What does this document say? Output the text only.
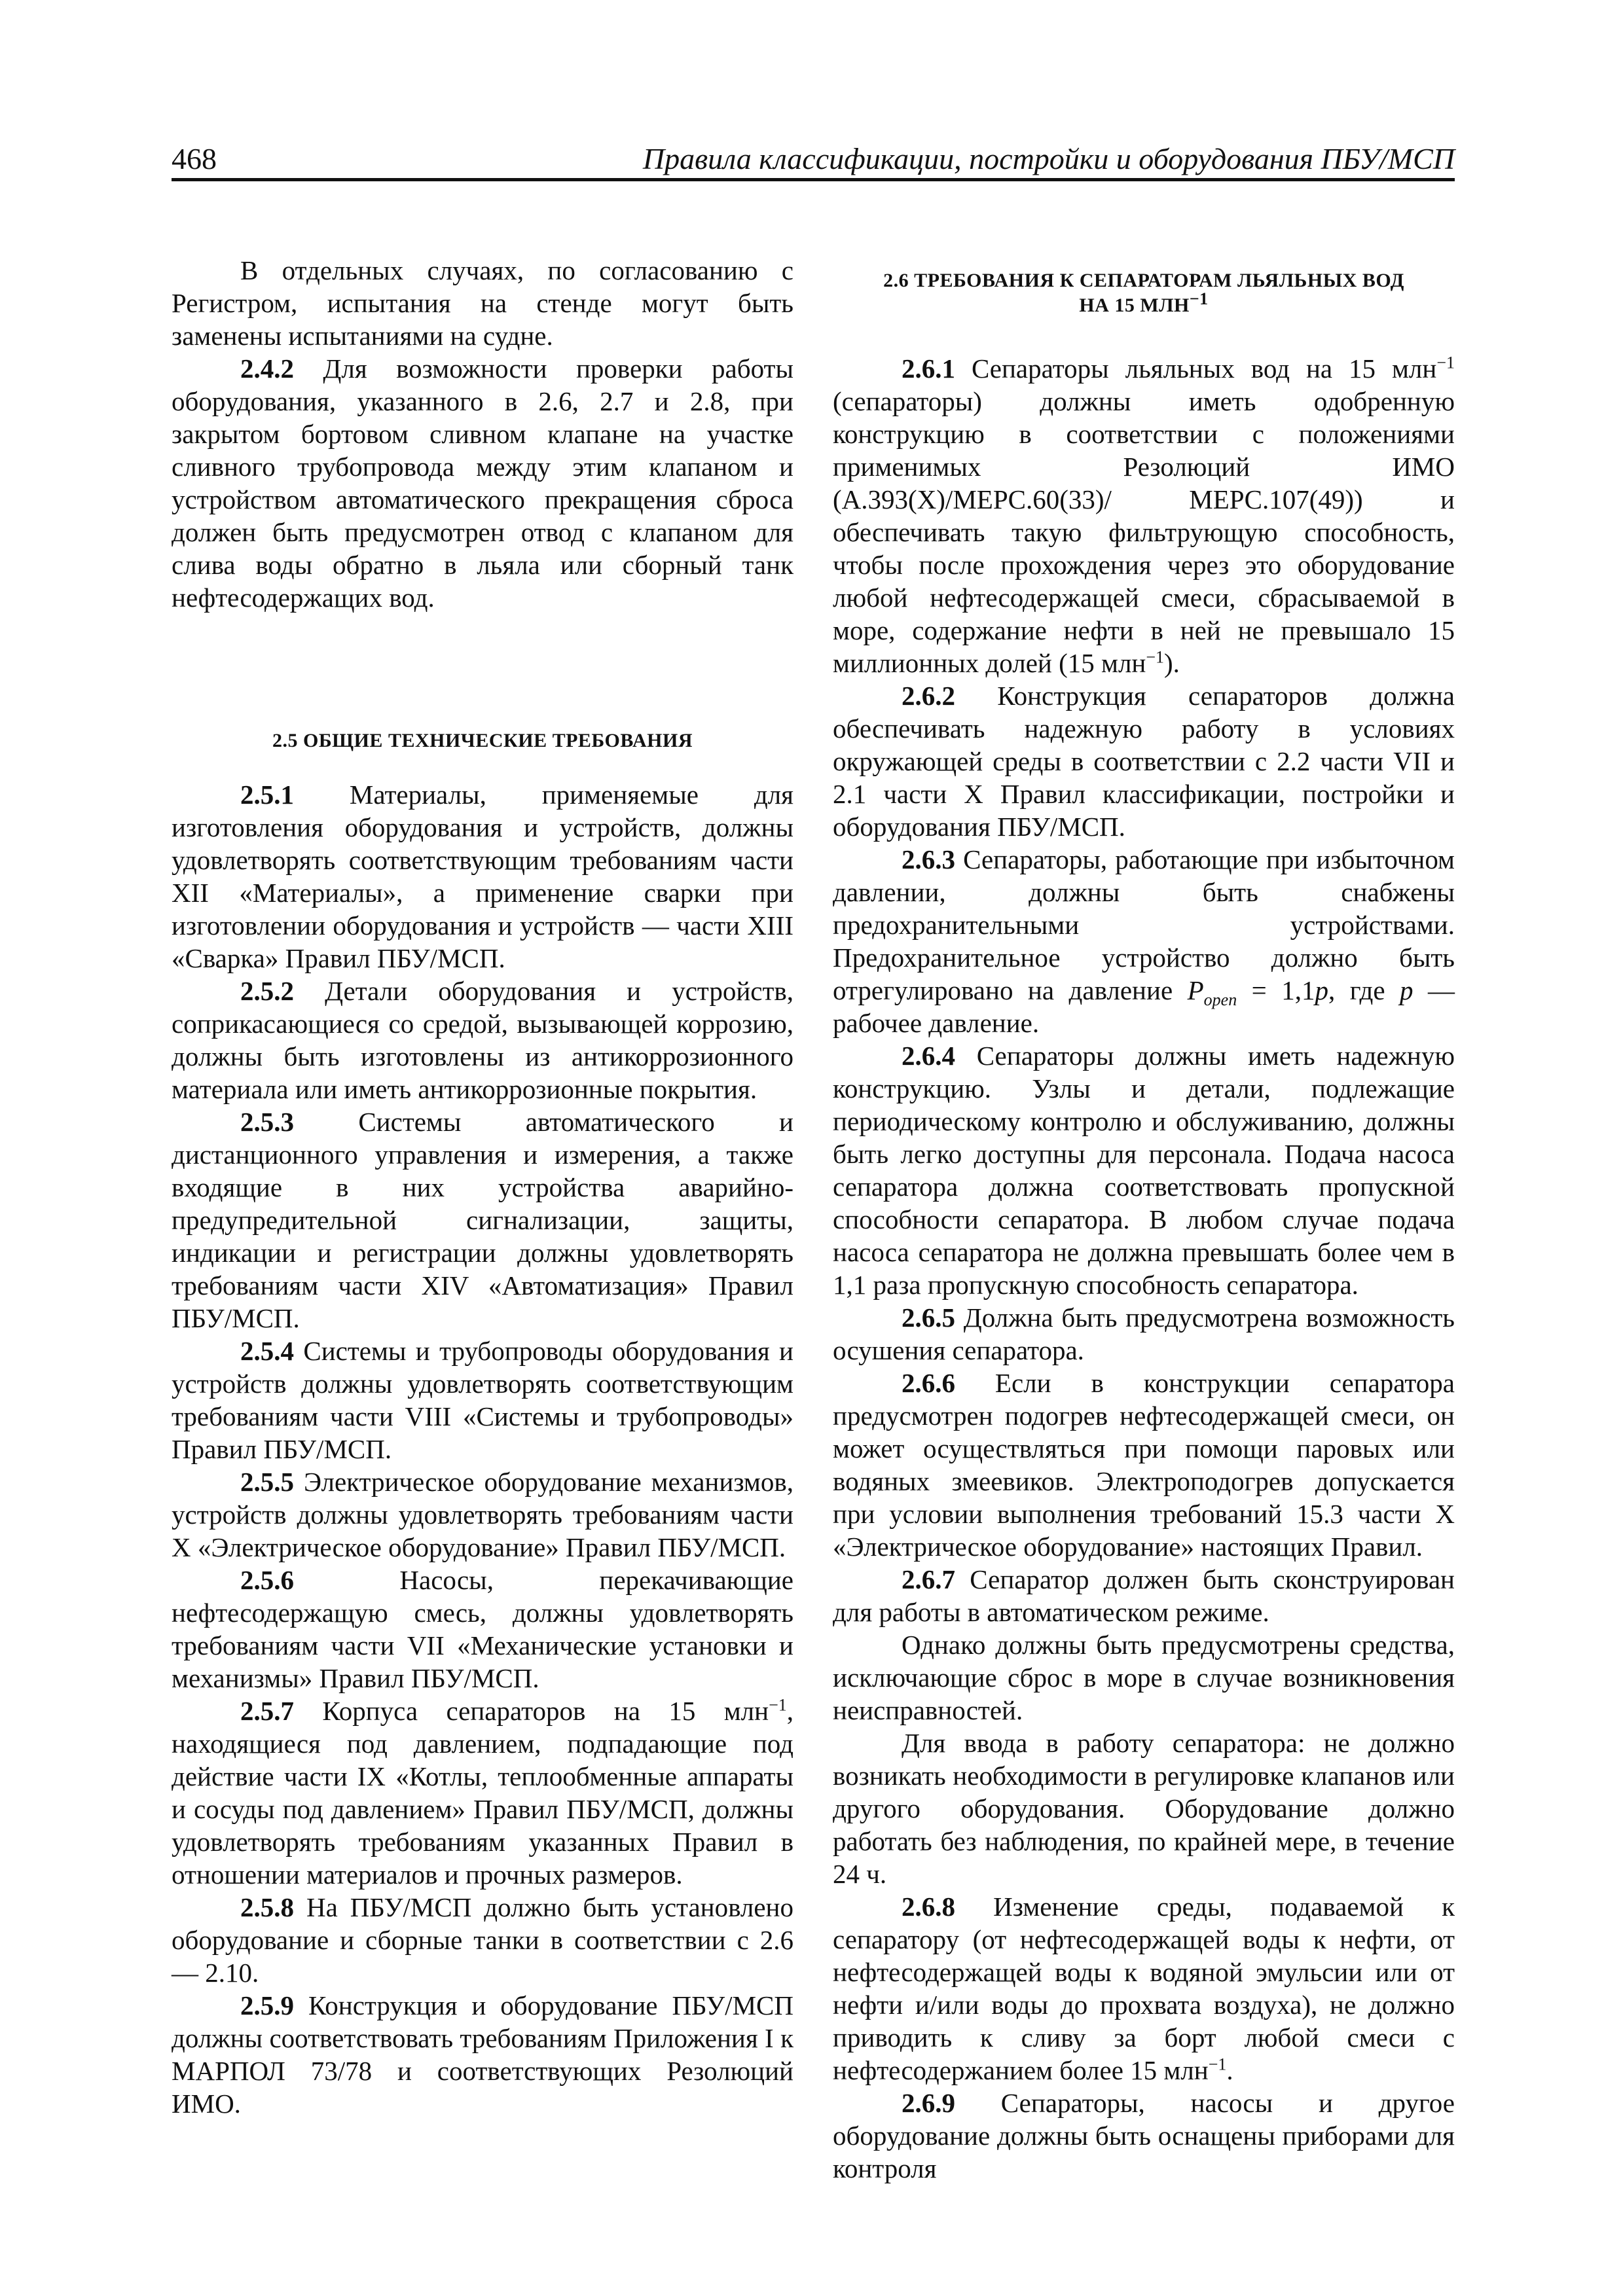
468	Правила классификации, постройки и оборудования ПБУ/МСП

В отдельных случаях, по согласованию с Регистром, испытания на стенде могут быть заменены испытаниями на судне.

2.4.2 Для возможности проверки работы оборудования, указанного в 2.6, 2.7 и 2.8, при закрытом бортовом сливном клапане на участке сливного трубопровода между этим клапаном и устройством автоматического прекращения сброса должен быть предусмотрен отвод с клапаном для слива воды обратно в льяла или сборный танк нефтесодержащих вод.

2.5 ОБЩИЕ ТЕХНИЧЕСКИЕ ТРЕБОВАНИЯ

2.5.1 Материалы, применяемые для изготовления оборудования и устройств, должны удовлетворять соответствующим требованиям части XII «Материалы», а применение сварки при изготовлении оборудования и устройств — части XIII «Сварка» Правил ПБУ/МСП.

2.5.2 Детали оборудования и устройств, соприкасающиеся со средой, вызывающей коррозию, должны быть изготовлены из антикоррозионного материала или иметь антикоррозионные покрытия.

2.5.3 Системы автоматического и дистанционного управления и измерения, а также входящие в них устройства аварийно-предупредительной сигнализации, защиты, индикации и регистрации должны удовлетворять требованиям части XIV «Автоматизация» Правил ПБУ/МСП.

2.5.4 Системы и трубопроводы оборудования и устройств должны удовлетворять соответствующим требованиям части VIII «Системы и трубопроводы» Правил ПБУ/МСП.

2.5.5 Электрическое оборудование механизмов, устройств должны удовлетворять требованиям части X «Электрическое оборудование» Правил ПБУ/МСП.

2.5.6 Насосы, перекачивающие нефтесодержащую смесь, должны удовлетворять требованиям части VII «Механические установки и механизмы» Правил ПБУ/МСП.

2.5.7 Корпуса сепараторов на 15 млн$^{-1}$, находящиеся под давлением, подпадающие под действие части IX «Котлы, теплообменные аппараты и сосуды под давлением» Правил ПБУ/МСП, должны удовлетворять требованиям указанных Правил в отношении материалов и прочных размеров.

2.5.8 На ПБУ/МСП должно быть установлено оборудование и сборные танки в соответствии с 2.6 — 2.10.

2.5.9 Конструкция и оборудование ПБУ/МСП должны соответствовать требованиям Приложения I к МАРПОЛ 73/78 и соответствующих Резолюций ИМО.

2.6 ТРЕБОВАНИЯ К СЕПАРАТОРАМ ЛЬЯЛЬНЫХ ВОД
НА 15 $МЛН^{-1}$

2.6.1 Сепараторы льяльных вод на 15 млн$^{-1}$ (сепараторы) должны иметь одобренную конструкцию в соответствии с положениями применимых Резолюций ИМО (A.393(X)/MEPC.60(33)/ MEPC.107(49)) и обеспечивать такую фильтрующую способность, чтобы после прохождения через это оборудование любой нефтесодержащей смеси, сбрасываемой в море, содержание нефти в ней не превышало 15 миллионных долей (15 млн$^{-1}$).

2.6.2 Конструкция сепараторов должна обеспечивать надежную работу в условиях окружающей среды в соответствии с 2.2 части VII и 2.1 части X Правил классификации, постройки и оборудования ПБУ/МСП.

2.6.3 Сепараторы, работающие при избыточном давлении, должны быть снабжены предохранительными устройствами. Предохранительное устройство должно быть отрегулировано на давление $P_{open} = 1,1p$, где p — рабочее давление.

2.6.4 Сепараторы должны иметь надежную конструкцию. Узлы и детали, подлежащие периодическому контролю и обслуживанию, должны быть легко доступны для персонала. Подача насоса сепаратора должна соответствовать пропускной способности сепаратора. В любом случае подача насоса сепаратора не должна превышать более чем в 1,1 раза пропускную способность сепаратора.

2.6.5 Должна быть предусмотрена возможность осушения сепаратора.

2.6.6 Если в конструкции сепаратора предусмотрен подогрев нефтесодержащей смеси, он может осуществляться при помощи паровых или водяных змеевиков. Электроподогрев допускается при условии выполнения требований 15.3 части X «Электрическое оборудование» настоящих Правил.

2.6.7 Сепаратор должен быть сконструирован для работы в автоматическом режиме.

Однако должны быть предусмотрены средства, исключающие сброс в море в случае возникновения неисправностей.

Для ввода в работу сепаратора: не должно возникать необходимости в регулировке клапанов или другого оборудования. Оборудование должно работать без наблюдения, по крайней мере, в течение 24 ч.

2.6.8 Изменение среды, подаваемой к сепаратору (от нефтесодержащей воды к нефти, от нефтесодержащей воды к водяной эмульсии или от нефти и/или воды до прохвата воздуха), не должно приводить к сливу за борт любой смеси с нефтесодержанием более 15 млн$^{-1}$.

2.6.9 Сепараторы, насосы и другое оборудование должны быть оснащены приборами для контроля
